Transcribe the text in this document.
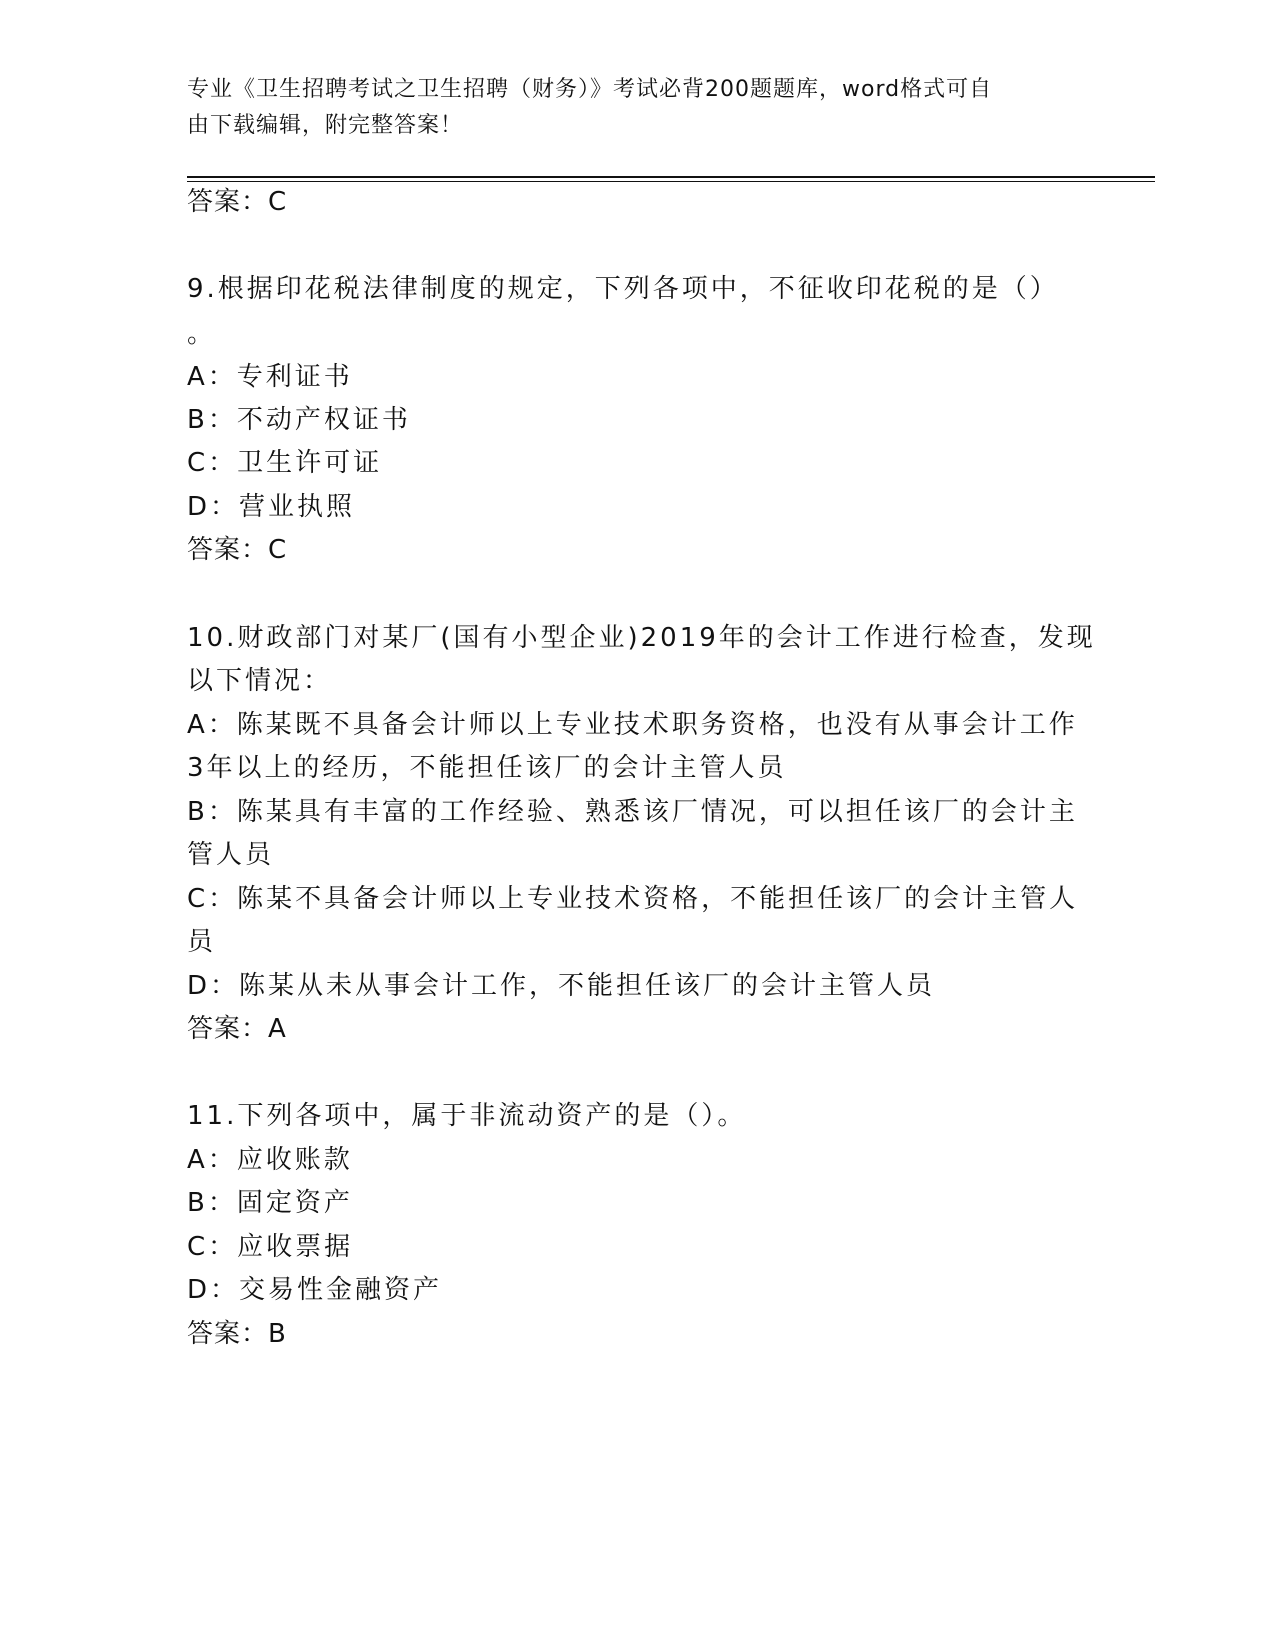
专业《卫生招聘考试之卫生招聘（财务）》考试必背200题题库，word格式可自
由下载编辑，附完整答案！
答案：C
9.根据印花税法律制度的规定，下列各项中，不征收印花税的是（）
。
A：专利证书
B：不动产权证书
C：卫生许可证
D：营业执照
答案：C
10.财政部门对某厂(国有小型企业)2019年的会计工作进行检查，发现
以下情况：
A：陈某既不具备会计师以上专业技术职务资格，也没有从事会计工作
3年以上的经历，不能担任该厂的会计主管人员
B：陈某具有丰富的工作经验、熟悉该厂情况，可以担任该厂的会计主
管人员
C：陈某不具备会计师以上专业技术资格，不能担任该厂的会计主管人
员
D：陈某从未从事会计工作，不能担任该厂的会计主管人员
答案：A
11.下列各项中，属于非流动资产的是（）。
A：应收账款
B：固定资产
C：应收票据
D：交易性金融资产
答案：B
